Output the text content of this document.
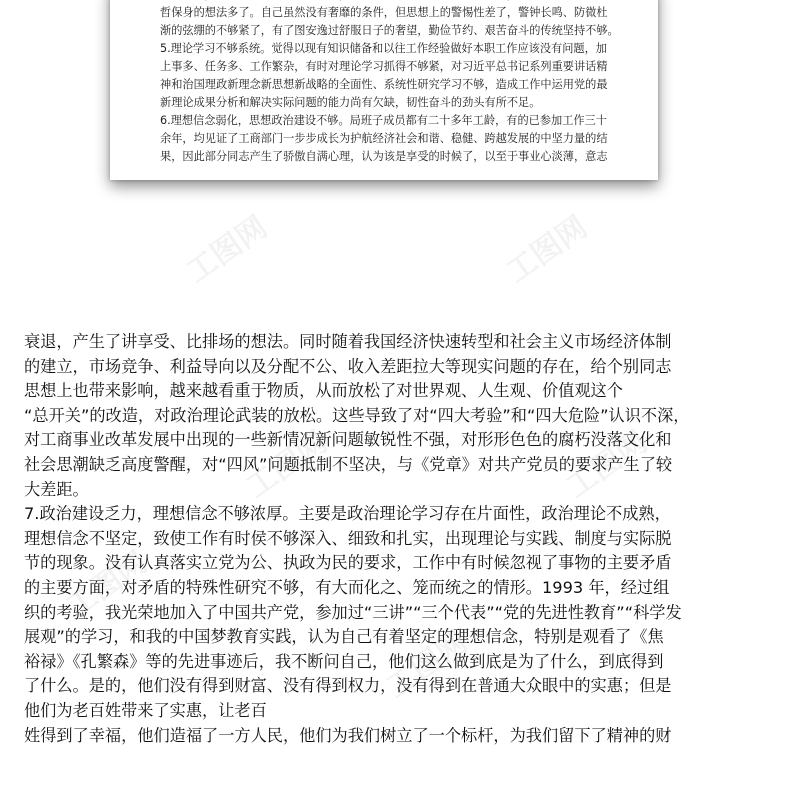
哲保身的想法多了。自己虽然没有奢靡的条件，但思想上的警惕性差了，警钟长鸣、防微杜
渐的弦绷的不够紧了，有了图安逸过舒服日子的奢望，勤俭节约、艰苦奋斗的传统坚持不够。
5.理论学习不够系统。觉得以现有知识储备和以往工作经验做好本职工作应该没有问题，加
上事多、任务多、工作繁杂，有时对理论学习抓得不够紧，对习近平总书记系列重要讲话精
神和治国理政新理念新思想新战略的全面性、系统性研究学习不够，造成工作中运用党的最
新理论成果分析和解决实际问题的能力尚有欠缺，韧性奋斗的劲头有所不足。
6.理想信念弱化，思想政治建设不够。局班子成员都有二十多年工龄，有的已参加工作三十
余年，均见证了工商部门一步步成长为护航经济社会和谐、稳健、跨越发展的中坚力量的结
果，因此部分同志产生了骄傲自满心理，认为该是享受的时候了，以至于事业心淡薄，意志
工图网	工图网
工图网
工图网
衰退，产生了讲享受、比排场的想法。同时随着我国经济快速转型和社会主义市场经济体制
的建立，市场竞争、利益导向以及分配不公、收入差距拉大等现实问题的存在，给个别同志
思想上也带来影响，越来越看重于物质，从而放松了对世界观、人生观、价值观这个
“总开关”的改造，对政治理论武装的放松。这些导致了对“四大考验”和“四大危险”认识不深，
对工商事业改革发展中出现的一些新情况新问题敏锐性不强，对形形色色的腐朽没落文化和
社会思潮缺乏高度警醒，对“四风”问题抵制不坚决，与《党章》对共产党员的要求产生了较
大差距。
7.政治建设乏力，理想信念不够浓厚。主要是政治理论学习存在片面性，政治理论不成熟，
理想信念不坚定，致使工作有时侯不够深入、细致和扎实，出现理论与实践、制度与实际脱
节的现象。没有认真落实立党为公、执政为民的要求，工作中有时候忽视了事物的主要矛盾
的主要方面，对矛盾的特殊性研究不够，有大而化之、笼而统之的情形。1993 年，经过组
织的考验，我光荣地加入了中国共产党，参加过“三讲”“三个代表”“党的先进性教育”“科学发
展观”的学习，和我的中国梦教育实践，认为自己有着坚定的理想信念，特别是观看了《焦
裕禄》《孔繁森》等的先进事迹后，我不断问自己，他们这么做到底是为了什么，到底得到
了什么。是的，他们没有得到财富、没有得到权力，没有得到在普通大众眼中的实惠；但是
他们为老百姓带来了实惠，让老百
姓得到了幸福，他们造福了一方人民，他们为我们树立了一个标杆，为我们留下了精神的财
